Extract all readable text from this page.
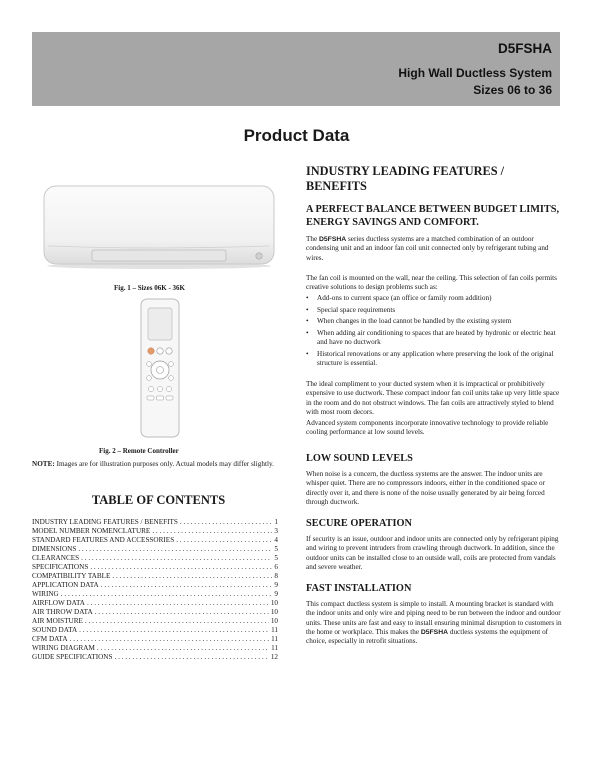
D5FSHA
High Wall Ductless System
Sizes 06 to 36
Product Data
Fig. 1 – Sizes 06K - 36K
Fig. 2 – Remote Controller
NOTE: Images are for illustration purposes only. Actual models may differ slightly.
TABLE OF CONTENTS
INDUSTRY LEADING FEATURES / BENEFITS . . .	1
MODEL NUMBER NOMENCLATURE . . .	3
STANDARD FEATURES AND ACCESSORIES . . .	4
DIMENSIONS . . .	5
CLEARANCES . . .	5
SPECIFICATIONS . . .	6
COMPATIBILITY TABLE . . .	8
APPLICATION DATA . . .	9
WIRING . . .	9
AIRFLOW DATA . . .	10
AIR THROW DATA . . .	10
AIR MOISTURE . . .	10
SOUND DATA . . .	11
CFM DATA . . .	11
WIRING DIAGRAM . . .	11
GUIDE SPECIFICATIONS . . .	12
INDUSTRY LEADING FEATURES / BENEFITS
A PERFECT BALANCE BETWEEN BUDGET LIMITS, ENERGY SAVINGS AND COMFORT.
The D5FSHA series ductless systems are a matched combination of an outdoor condensing unit and an indoor fan coil unit connected only by refrigerant tubing and wires.
The fan coil is mounted on the wall, near the ceiling. This selection of fan coils permits creative solutions to design problems such as:
• Add-ons to current space (an office or family room addition)
• Special space requirements
• When changes in the load cannot be handled by the existing system
• When adding air conditioning to spaces that are heated by hydronic or electric heat and have no ductwork
• Historical renovations or any application where preserving the look of the original structure is essential.
The ideal compliment to your ducted system when it is impractical or prohibitively expensive to use ductwork. These compact indoor fan coil units take up very little space in the room and do not obstruct windows. The fan coils are attractively styled to blend with most room decors.
Advanced system components incorporate innovative technology to provide reliable cooling performance at low sound levels.
LOW SOUND LEVELS
When noise is a concern, the ductless systems are the answer. The indoor units are whisper quiet. There are no compressors indoors, either in the conditioned space or directly over it, and there is none of the noise usually generated by air being forced through ductwork.
SECURE OPERATION
If security is an issue, outdoor and indoor units are connected only by refrigerant piping and wiring to prevent intruders from crawling through ductwork. In addition, since the outdoor units can be installed close to an outside wall, coils are protected from vandals and severe weather.
FAST INSTALLATION
This compact ductless system is simple to install. A mounting bracket is standard with the indoor units and only wire and piping need to be run between the indoor and outdoor units. These units are fast and easy to install ensuring minimal disruption to customers in the home or workplace. This makes the D5FSHA ductless systems the equipment of choice, especially in retrofit situations.
